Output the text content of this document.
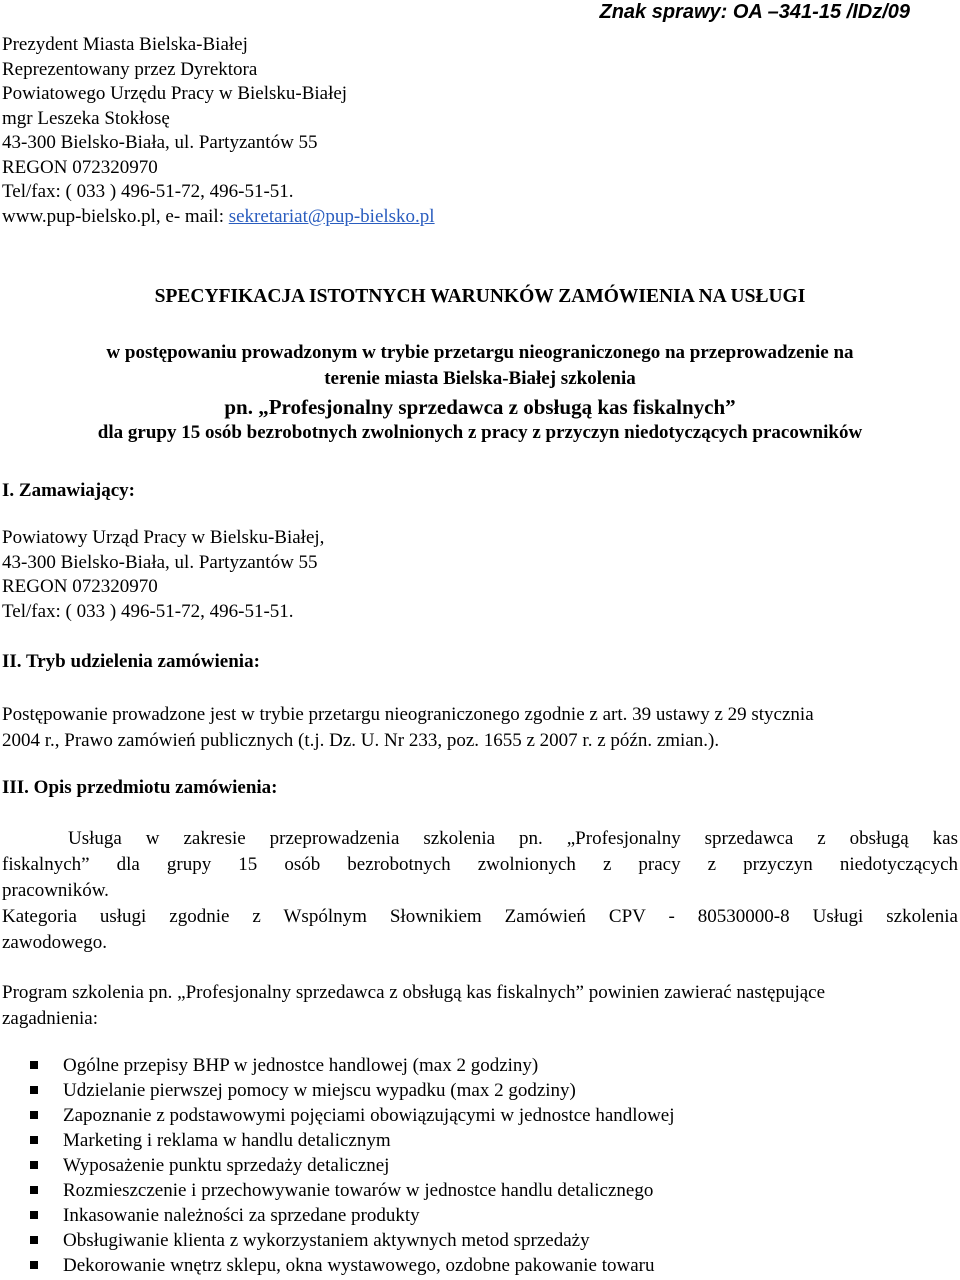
Znak sprawy: OA –341-15 /IDz/09
Prezydent Miasta Bielska-Białej
Reprezentowany przez Dyrektora
Powiatowego Urzędu Pracy w Bielsku-Białej
mgr Leszeka Stokłosę
43-300 Bielsko-Biała, ul. Partyzantów 55
REGON 072320970
Tel/fax: ( 033 ) 496-51-72, 496-51-51.
www.pup-bielsko.pl, e- mail: sekretariat@pup-bielsko.pl
SPECYFIKACJA ISTOTNYCH WARUNKÓW ZAMÓWIENIA NA USŁUGI
w postępowaniu prowadzonym w trybie przetargu nieograniczonego na przeprowadzenie na
terenie miasta Bielska-Białej szkolenia
pn. „Profesjonalny sprzedawca z obsługą kas fiskalnych”
dla grupy 15 osób bezrobotnych zwolnionych z pracy z przyczyn niedotyczących pracowników
I. Zamawiający:
Powiatowy Urząd Pracy w Bielsku-Białej,
43-300 Bielsko-Biała, ul. Partyzantów 55
REGON 072320970
Tel/fax: ( 033 ) 496-51-72, 496-51-51.
II. Tryb udzielenia zamówienia:
Postępowanie prowadzone jest w trybie przetargu nieograniczonego zgodnie z art. 39 ustawy z 29 stycznia
2004 r., Prawo zamówień publicznych (t.j. Dz. U. Nr 233, poz. 1655 z 2007 r. z późn. zmian.).
III. Opis przedmiotu zamówienia:
Usługa w zakresie przeprowadzenia szkolenia pn. „Profesjonalny sprzedawca z obsługą kas
fiskalnych” dla grupy 15 osób bezrobotnych zwolnionych z pracy z przyczyn niedotyczących
pracowników.
Kategoria usługi zgodnie z Wspólnym Słownikiem Zamówień CPV - 80530000-8 Usługi szkolenia
zawodowego.
Program szkolenia pn. „Profesjonalny sprzedawca z obsługą kas fiskalnych” powinien zawierać następujące
zagadnienia:
Ogólne przepisy BHP w jednostce handlowej (max 2 godziny)
Udzielanie pierwszej pomocy w miejscu wypadku (max 2 godziny)
Zapoznanie z podstawowymi pojęciami obowiązującymi w jednostce handlowej
Marketing i reklama w handlu detalicznym
Wyposażenie punktu sprzedaży detalicznej
Rozmieszczenie i przechowywanie towarów w jednostce handlu detalicznego
Inkasowanie należności za sprzedane produkty
Obsługiwanie klienta z wykorzystaniem aktywnych metod sprzedaży
Dekorowanie wnętrz sklepu, okna wystawowego, ozdobne pakowanie towaru
